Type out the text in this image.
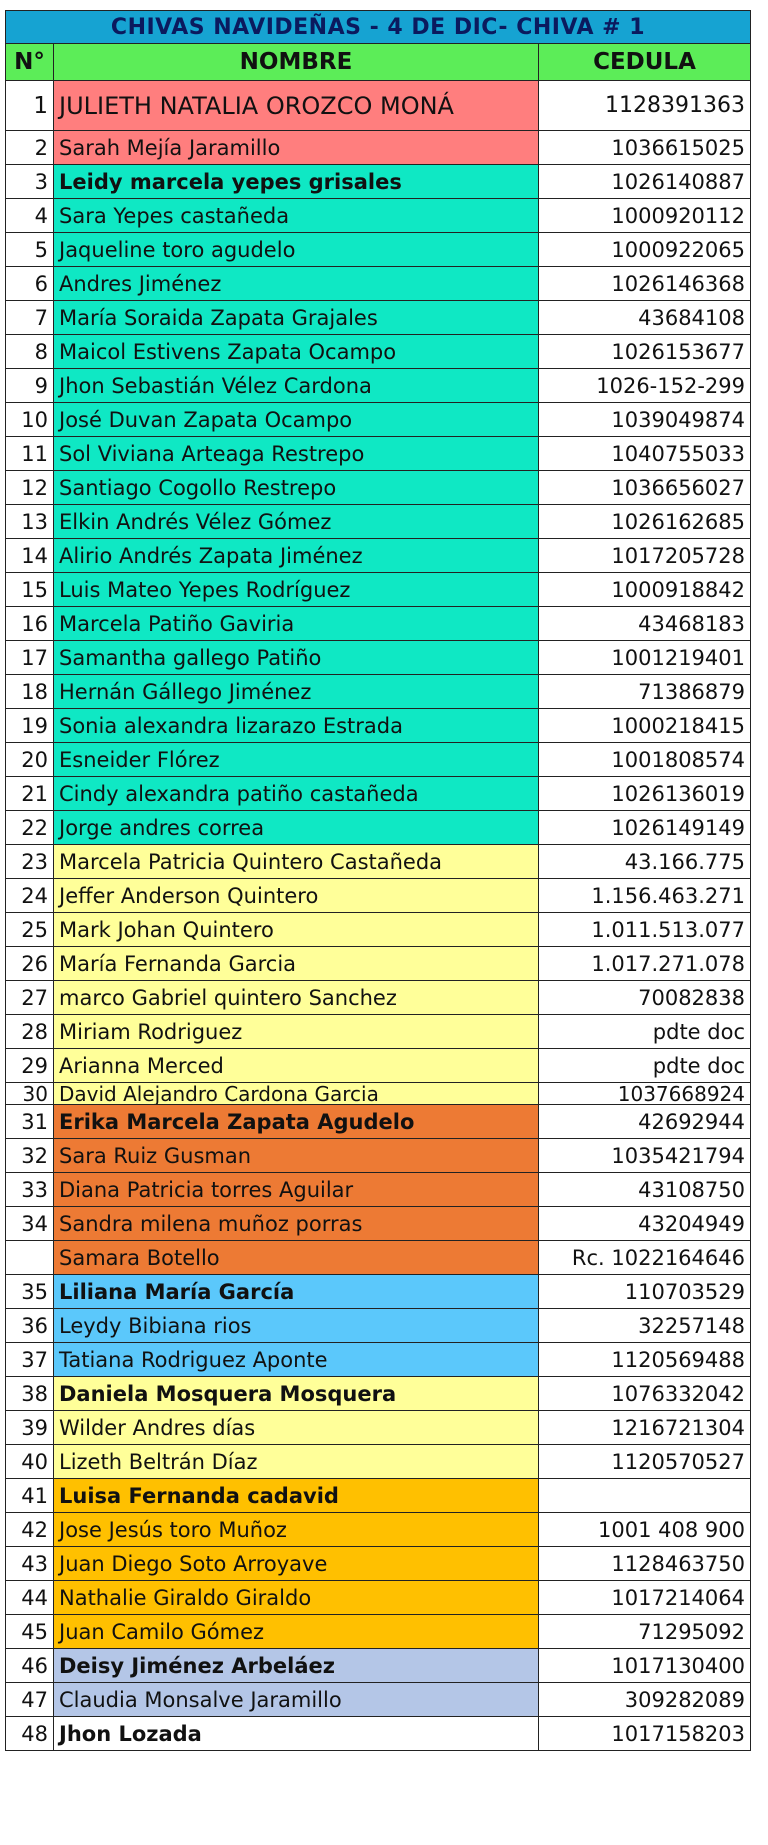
CHIVAS NAVIDEÑAS - 4 DE DIC- CHIVA # 1		
N°	NOMBRE	CEDULA
1	JULIETH NATALIA OROZCO MONÁ	1128391363
2	Sarah Mejía Jaramillo	1036615025
3	Leidy marcela yepes grisales	1026140887
4	Sara Yepes castañeda	1000920112
5	Jaqueline toro agudelo	1000922065
6	Andres Jiménez	1026146368
7	María Soraida Zapata Grajales	43684108
8	Maicol Estivens Zapata Ocampo	1026153677
9	Jhon Sebastián Vélez Cardona	1026-152-299
10	José Duvan Zapata Ocampo	1039049874
11	Sol Viviana Arteaga Restrepo	1040755033
12	Santiago Cogollo Restrepo	1036656027
13	Elkin Andrés Vélez Gómez	1026162685
14	Alirio Andrés Zapata Jiménez	1017205728
15	Luis Mateo Yepes Rodríguez	1000918842
16	Marcela Patiño Gaviria	43468183
17	Samantha gallego Patiño	1001219401
18	Hernán Gállego Jiménez	71386879
19	Sonia alexandra lizarazo Estrada	1000218415
20	Esneider Flórez	1001808574
21	Cindy alexandra patiño castañeda	1026136019
22	Jorge andres correa	1026149149
23	Marcela Patricia Quintero Castañeda	43.166.775
24	Jeffer Anderson Quintero	1.156.463.271
25	Mark Johan Quintero	1.011.513.077
26	María Fernanda Garcia	1.017.271.078
27	marco Gabriel quintero Sanchez	70082838
28	Miriam Rodriguez	pdte doc
29	Arianna Merced	pdte doc
30	David Alejandro Cardona Garcia	1037668924
31	Erika Marcela Zapata Agudelo	42692944
32	Sara Ruiz Gusman	1035421794
33	Diana Patricia torres Aguilar	43108750
34	Sandra milena muñoz porras	43204949
	Samara Botello	Rc. 1022164646
35	Liliana María García	110703529
36	Leydy Bibiana rios	32257148
37	Tatiana Rodriguez Aponte	1120569488
38	Daniela Mosquera Mosquera	1076332042
39	Wilder Andres días	1216721304
40	Lizeth Beltrán Díaz	1120570527
41	Luisa Fernanda cadavid	
42	Jose Jesús toro Muñoz	1001 408 900
43	Juan Diego Soto Arroyave	1128463750
44	Nathalie Giraldo Giraldo	1017214064
45	Juan Camilo Gómez	71295092
46	Deisy Jiménez Arbeláez	1017130400
47	Claudia Monsalve Jaramillo	309282089
48	Jhon Lozada	1017158203
